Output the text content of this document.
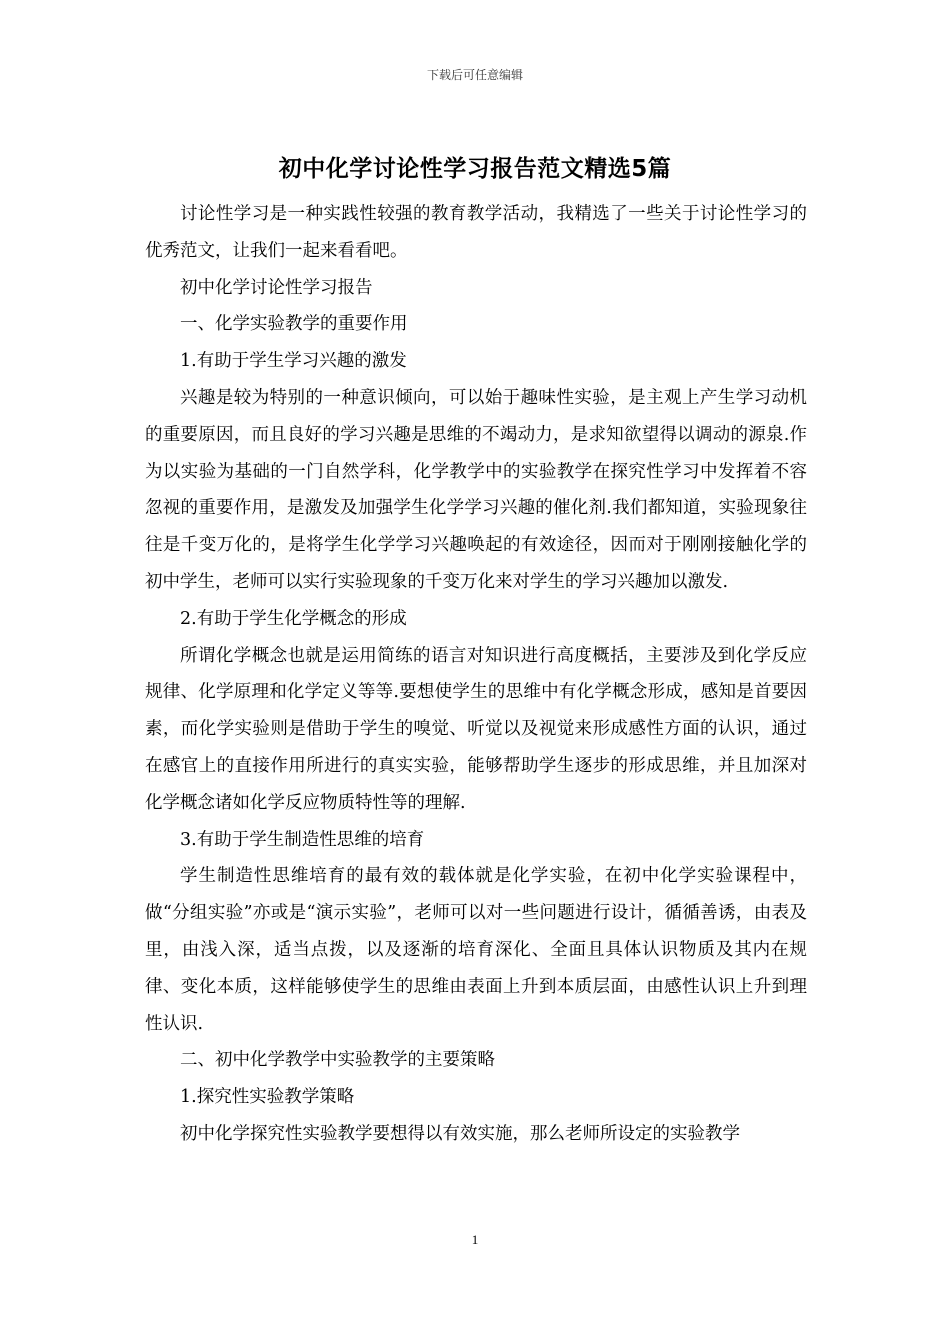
下载后可任意编辑
初中化学讨论性学习报告范文精选5篇

讨论性学习是一种实践性较强的教育教学活动，我精选了一些关于讨论性学习的优秀范文，让我们一起来看看吧。

初中化学讨论性学习报告

一、化学实验教学的重要作用

1.有助于学生学习兴趣的激发

兴趣是较为特别的一种意识倾向，可以始于趣味性实验，是主观上产生学习动机的重要原因，而且良好的学习兴趣是思维的不竭动力，是求知欲望得以调动的源泉.作为以实验为基础的一门自然学科，化学教学中的实验教学在探究性学习中发挥着不容忽视的重要作用，是激发及加强学生化学学习兴趣的催化剂.我们都知道，实验现象往往是千变万化的，是将学生化学学习兴趣唤起的有效途径，因而对于刚刚接触化学的初中学生，老师可以实行实验现象的千变万化来对学生的学习兴趣加以激发.

2.有助于学生化学概念的形成

所谓化学概念也就是运用简练的语言对知识进行高度概括，主要涉及到化学反应规律、化学原理和化学定义等等.要想使学生的思维中有化学概念形成，感知是首要因素，而化学实验则是借助于学生的嗅觉、听觉以及视觉来形成感性方面的认识，通过在感官上的直接作用所进行的真实实验，能够帮助学生逐步的形成思维，并且加深对化学概念诸如化学反应物质特性等的理解.

3.有助于学生制造性思维的培育

学生制造性思维培育的最有效的载体就是化学实验，在初中化学实验课程中，做“分组实验”亦或是“演示实验”，老师可以对一些问题进行设计，循循善诱，由表及里，由浅入深，适当点拨，以及逐渐的培育深化、全面且具体认识物质及其内在规律、变化本质，这样能够使学生的思维由表面上升到本质层面，由感性认识上升到理性认识.

二、初中化学教学中实验教学的主要策略

1.探究性实验教学策略

初中化学探究性实验教学要想得以有效实施，那么老师所设定的实验教学

1
